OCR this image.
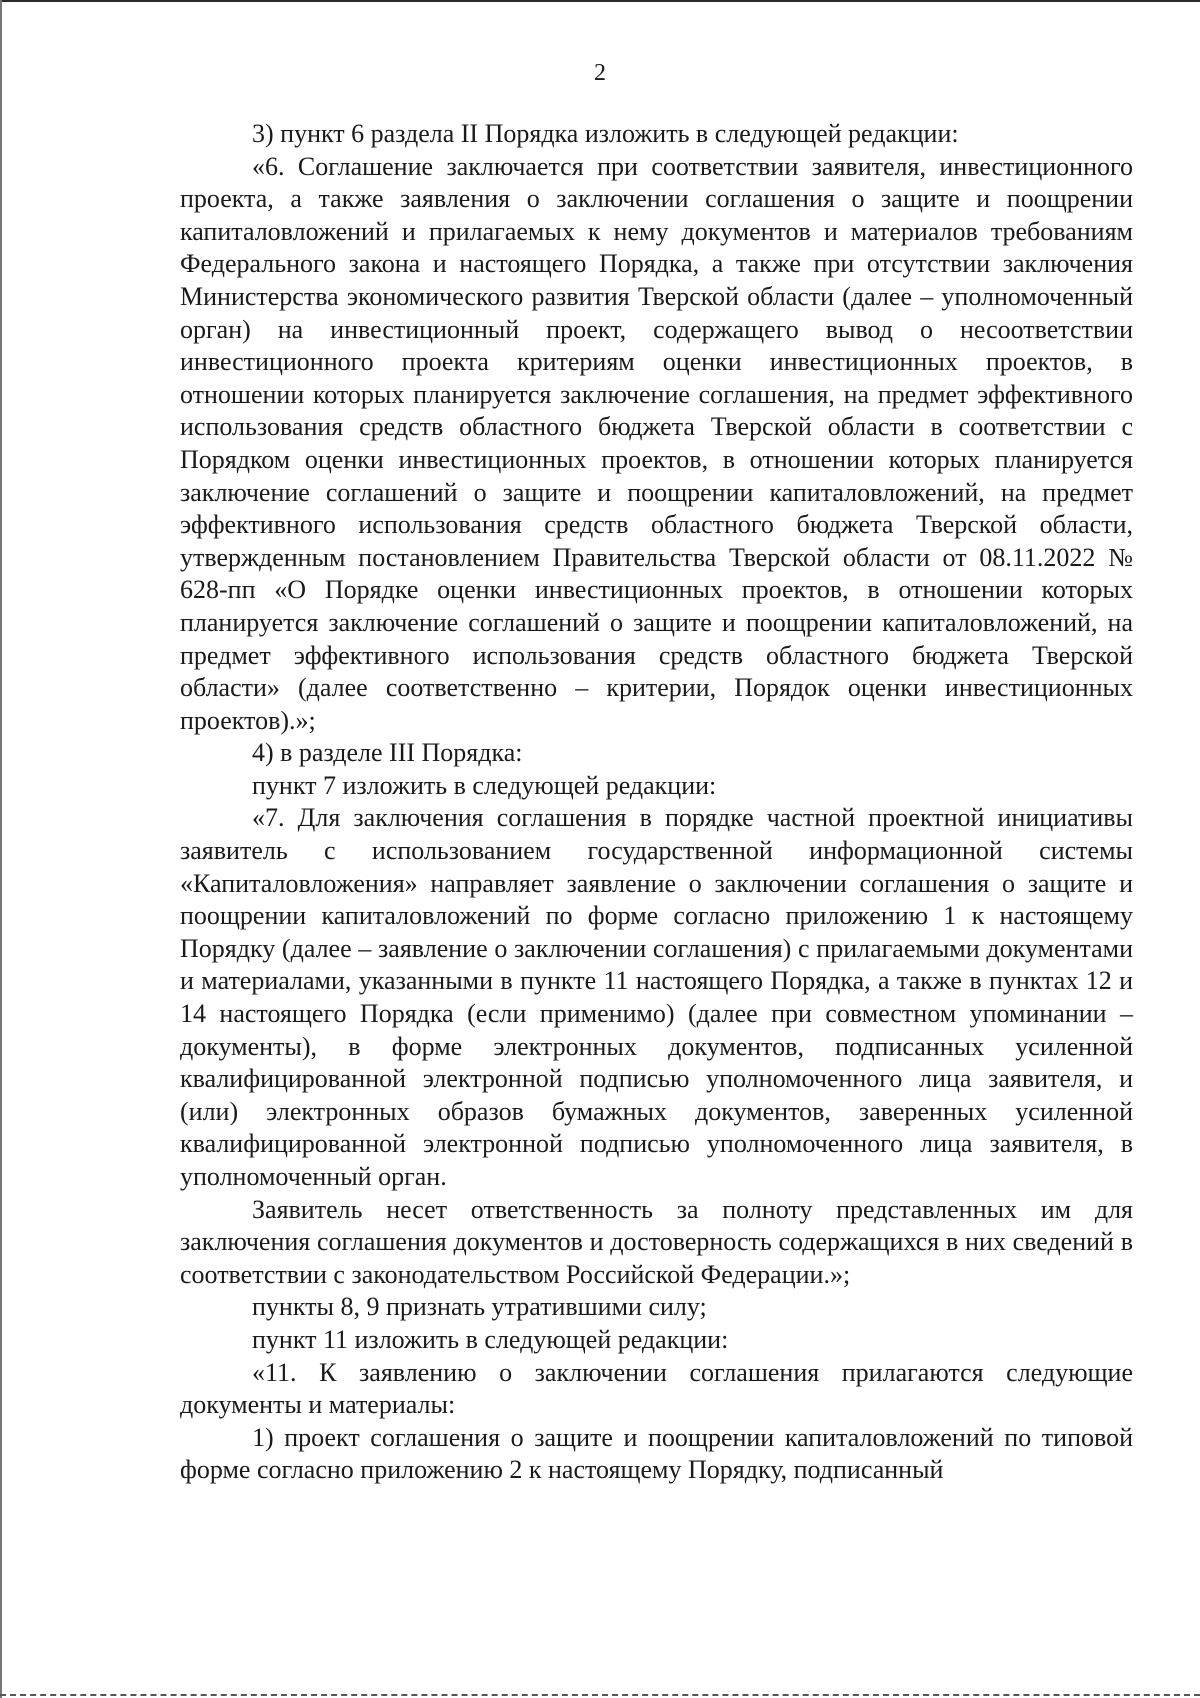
2

3) пункт 6 раздела II Порядка изложить в следующей редакции:

«6. Соглашение заключается при соответствии заявителя, инвестиционного проекта, а также заявления о заключении соглашения о защите и поощрении капиталовложений и прилагаемых к нему документов и материалов требованиям Федерального закона и настоящего Порядка, а также при отсутствии заключения Министерства экономического развития Тверской области (далее – уполномоченный орган) на инвестиционный проект, содержащего вывод о несоответствии инвестиционного проекта критериям оценки инвестиционных проектов, в отношении которых планируется заключение соглашения, на предмет эффективного использования средств областного бюджета Тверской области в соответствии с Порядком оценки инвестиционных проектов, в отношении которых планируется заключение соглашений о защите и поощрении капиталовложений, на предмет эффективного использования средств областного бюджета Тверской области, утвержденным постановлением Правительства Тверской области от 08.11.2022 № 628-пп «О Порядке оценки инвестиционных проектов, в отношении которых планируется заключение соглашений о защите и поощрении капиталовложений, на предмет эффективного использования средств областного бюджета Тверской области» (далее соответственно – критерии, Порядок оценки инвестиционных проектов).»;

4) в разделе III Порядка:

пункт 7 изложить в следующей редакции:

«7. Для заключения соглашения в порядке частной проектной инициативы заявитель с использованием государственной информационной системы «Капиталовложения» направляет заявление о заключении соглашения о защите и поощрении капиталовложений по форме согласно приложению 1 к настоящему Порядку (далее – заявление о заключении соглашения) с прилагаемыми документами и материалами, указанными в пункте 11 настоящего Порядка, а также в пунктах 12 и 14 настоящего Порядка (если применимо) (далее при совместном упоминании – документы), в форме электронных документов, подписанных усиленной квалифицированной электронной подписью уполномоченного лица заявителя, и (или) электронных образов бумажных документов, заверенных усиленной квалифицированной электронной подписью уполномоченного лица заявителя, в уполномоченный орган.

Заявитель несет ответственность за полноту представленных им для заключения соглашения документов и достоверность содержащихся в них сведений в соответствии с законодательством Российской Федерации.»;

пункты 8, 9 признать утратившими силу;

пункт 11 изложить в следующей редакции:

«11. К заявлению о заключении соглашения прилагаются следующие документы и материалы:

1) проект соглашения о защите и поощрении капиталовложений по типовой форме согласно приложению 2 к настоящему Порядку, подписанный
